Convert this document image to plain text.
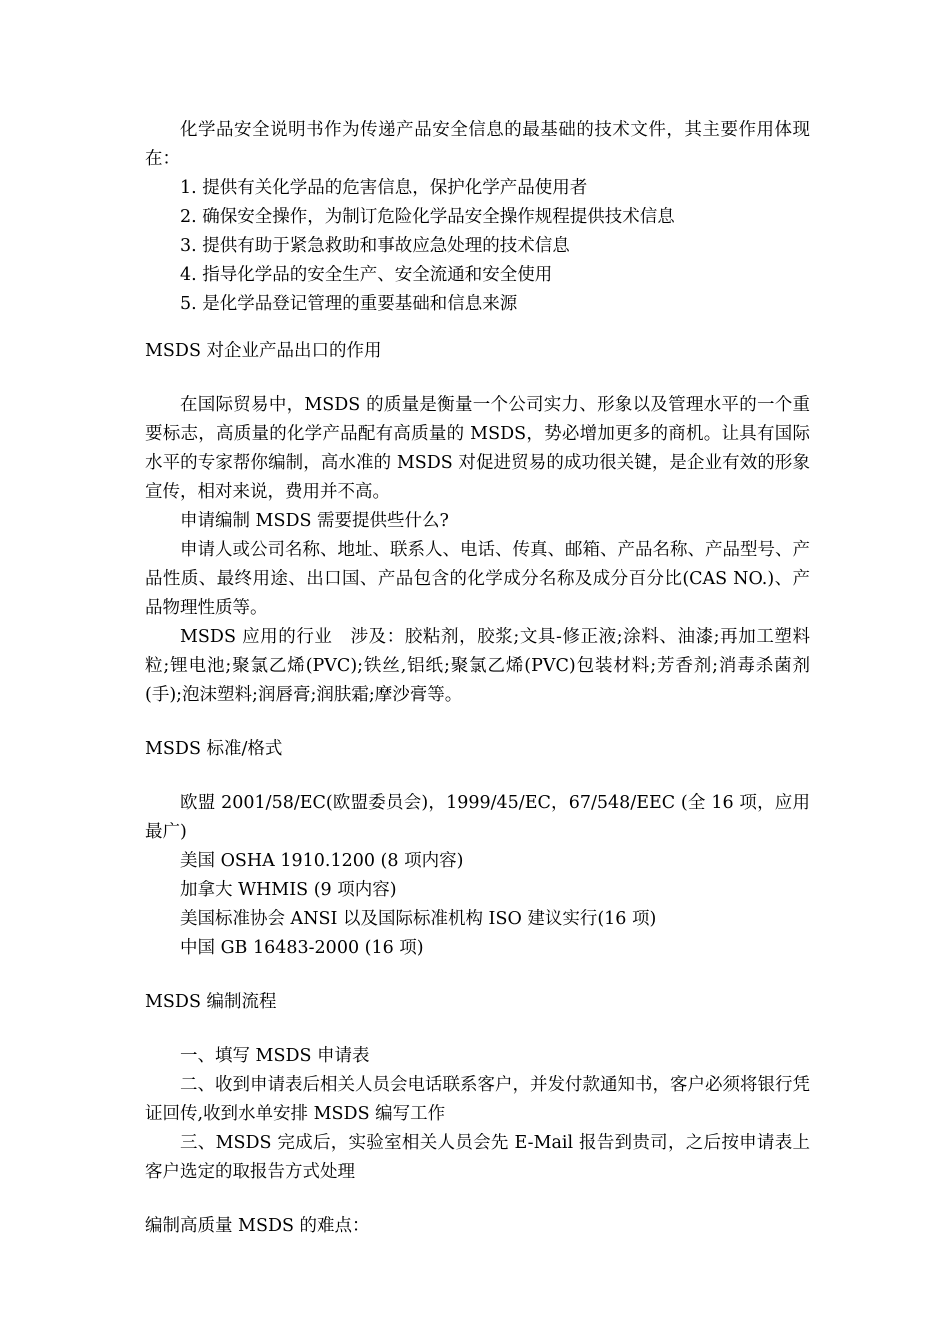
化学品安全说明书作为传递产品安全信息的最基础的技术文件，其主要作用体现在：

1. 提供有关化学品的危害信息，保护化学产品使用者

2. 确保安全操作，为制订危险化学品安全操作规程提供技术信息

3. 提供有助于紧急救助和事故应急处理的技术信息

4. 指导化学品的安全生产、安全流通和安全使用

5. 是化学品登记管理的重要基础和信息来源

MSDS 对企业产品出口的作用

在国际贸易中，MSDS 的质量是衡量一个公司实力、形象以及管理水平的一个重要标志，高质量的化学产品配有高质量的 MSDS，势必增加更多的商机。让具有国际水平的专家帮你编制，高水准的 MSDS 对促进贸易的成功很关键，是企业有效的形象宣传，相对来说，费用并不高。

申请编制 MSDS 需要提供些什么?

申请人或公司名称、地址、联系人、电话、传真、邮箱、产品名称、产品型号、产品性质、最终用途、出口国、产品包含的化学成分名称及成分百分比(CAS NO.)、产品物理性质等。

MSDS 应用的行业　涉及：胶粘剂，胶浆;文具-修正液;涂料、油漆;再加工塑料粒;锂电池;聚氯乙烯(PVC);铁丝,铝纸;聚氯乙烯(PVC)包装材料;芳香剂;消毒杀菌剂(手);泡沫塑料;润唇膏;润肤霜;摩沙膏等。

MSDS 标准/格式

欧盟 2001/58/EC(欧盟委员会)，1999/45/EC，67/548/EEC (全 16 项，应用最广)

美国 OSHA 1910.1200 (8 项内容)

加拿大 WHMIS (9 项内容)

美国标准协会 ANSI 以及国际标准机构 ISO 建议实行(16 项)

中国 GB 16483-2000 (16 项)

MSDS 编制流程

一、填写 MSDS 申请表

二、收到申请表后相关人员会电话联系客户，并发付款通知书，客户必须将银行凭证回传,收到水单安排 MSDS 编写工作

三、MSDS 完成后，实验室相关人员会先 E-Mail 报告到贵司，之后按申请表上客户选定的取报告方式处理

编制高质量 MSDS 的难点：
